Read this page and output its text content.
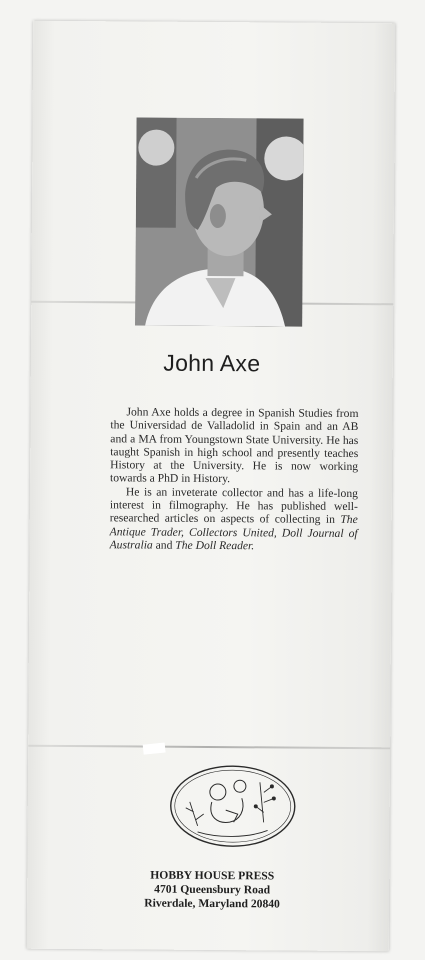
John Axe

John Axe holds a degree in Spanish Studies from the Universidad de Valladolid in Spain and an AB and a MA from Youngstown State University. He has taught Spanish in high school and presently teaches History at the University. He is now working towards a PhD in History.

He is an inveterate collector and has a life-long interest in filmography. He has published well-researched articles on aspects of collecting in The Antique Trader, Collectors United, Doll Journal of Australia and The Doll Reader.

HOBBY HOUSE PRESS
4701 Queensbury Road
Riverdale, Maryland 20840
